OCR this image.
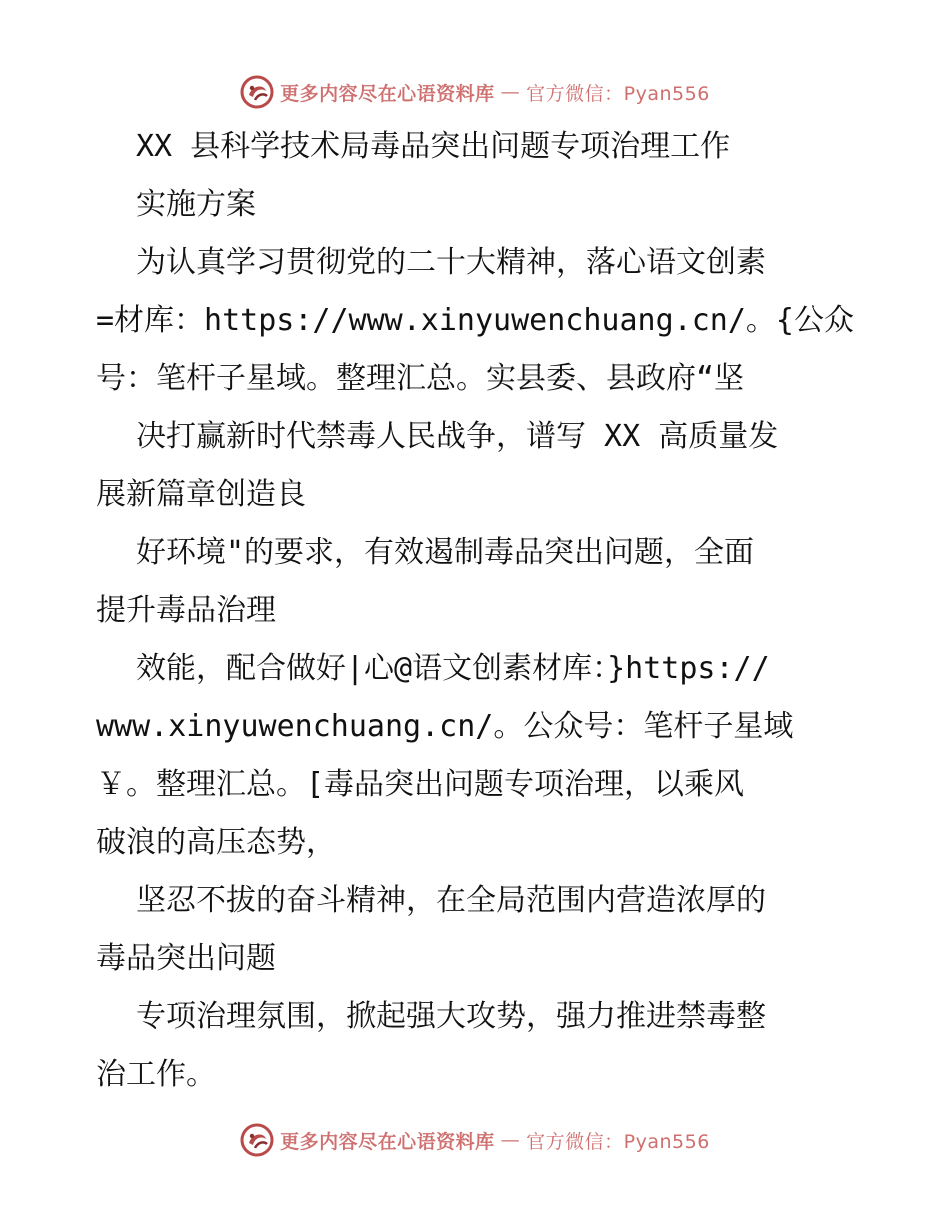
更多内容尽在心语资料库 — 官方微信：Pyan556
XX 县科学技术局毒品突出问题专项治理工作
实施方案
为认真学习贯彻党的二十大精神，落心语文创素
=材库：https://www.xinyuwenchuang.cn/。{公众
号：笔杆子星域。整理汇总。实县委、县政府“坚
决打赢新时代禁毒人民战争，谱写 XX 高质量发
展新篇章创造良
好环境"的要求，有效遏制毒品突出问题，全面
提升毒品治理
效能，配合做好|心@语文创素材库：}https://
www.xinyuwenchuang.cn/。公众号：笔杆子星域
￥。整理汇总。[毒品突出问题专项治理，以乘风
破浪的高压态势，
坚忍不拔的奋斗精神，在全局范围内营造浓厚的
毒品突出问题
专项治理氛围，掀起强大攻势，强力推进禁毒整
治工作。
更多内容尽在心语资料库 — 官方微信：Pyan556
